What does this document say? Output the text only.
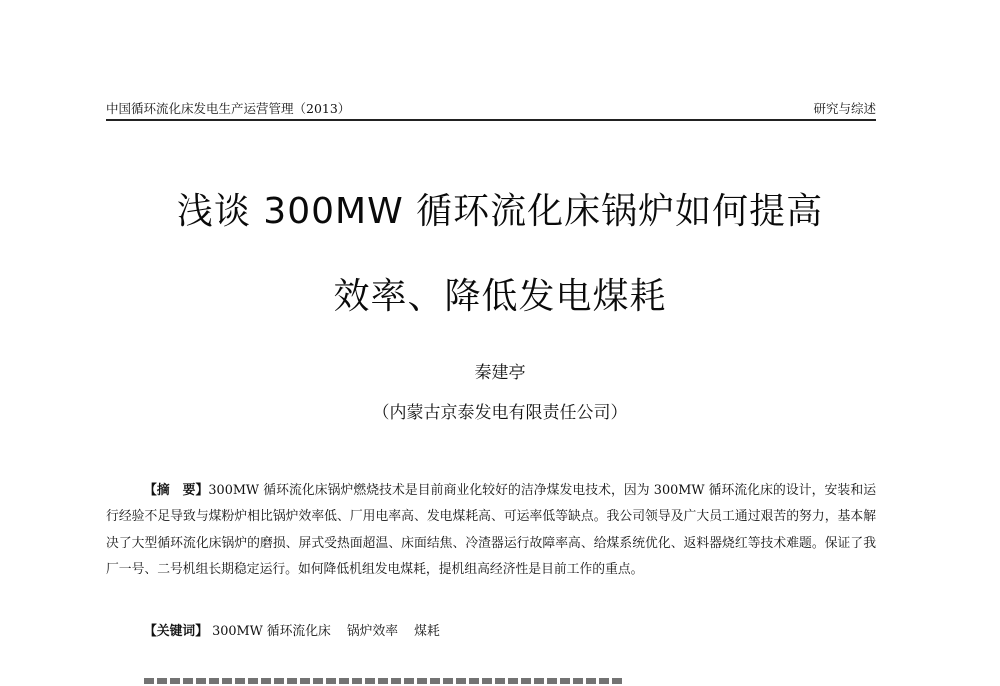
中国循环流化床发电生产运营管理（2013）	研究与综述
浅谈 300MW 循环流化床锅炉如何提高
效率、降低发电煤耗
秦建亭
（内蒙古京泰发电有限责任公司）
【摘　要】300MW 循环流化床锅炉燃烧技术是目前商业化较好的洁净煤发电技术，因为 300MW 循环流化床的设计，安装和运行经验不足导致与煤粉炉相比锅炉效率低、厂用电率高、发电煤耗高、可运率低等缺点。我公司领导及广大员工通过艰苦的努力，基本解决了大型循环流化床锅炉的磨损、屏式受热面超温、床面结焦、冷渣器运行故障率高、给煤系统优化、返料器烧红等技术难题。保证了我厂一号、二号机组长期稳定运行。如何降低机组发电煤耗，提机组高经济性是目前工作的重点。
【关键词】 300MW 循环流化床 锅炉效率 煤耗
